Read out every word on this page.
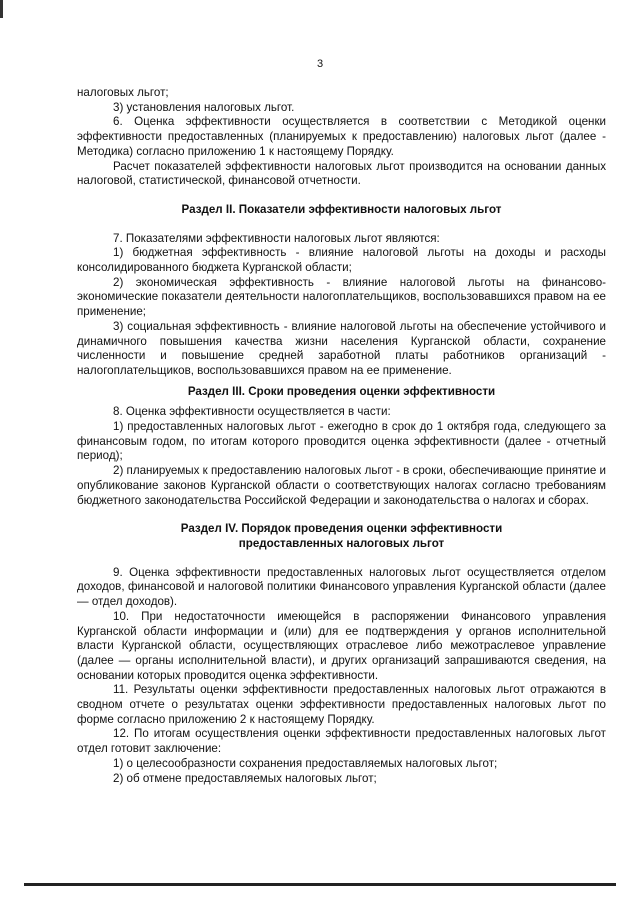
3

налоговых льгот;

3) установления налоговых льгот.

6. Оценка эффективности осуществляется в соответствии с Методикой оценки эффективности предоставленных (планируемых к предоставлению) налоговых льгот (далее - Методика) согласно приложению 1 к настоящему Порядку.

Расчет показателей эффективности налоговых льгот производится на основании данных налоговой, статистической, финансовой отчетности.

Раздел II. Показатели эффективности налоговых льгот

7. Показателями эффективности налоговых льгот являются:

1) бюджетная эффективность - влияние налоговой льготы на доходы и расходы консолидированного бюджета Курганской области;

2) экономическая эффективность - влияние налоговой льготы на финансово-экономические показатели деятельности налогоплательщиков, воспользовавшихся правом на ее применение;

3) социальная эффективность - влияние налоговой льготы на обеспечение устойчивого и динамичного повышения качества жизни населения Курганской области, сохранение численности и повышение средней заработной платы работников организаций - налогоплательщиков, воспользовавшихся правом на ее применение.

Раздел III. Сроки проведения оценки эффективности

8. Оценка эффективности осуществляется в части:

1) предоставленных налоговых льгот - ежегодно в срок до 1 октября года, следующего за финансовым годом, по итогам которого проводится оценка эффективности (далее - отчетный период);

2) планируемых к предоставлению налоговых льгот - в сроки, обеспечивающие принятие и опубликование законов Курганской области о соответствующих налогах согласно требованиям бюджетного законодательства Российской Федерации и законодательства о налогах и сборах.

Раздел IV. Порядок проведения оценки эффективности

предоставленных налоговых льгот

9. Оценка эффективности предоставленных налоговых льгот осуществляется отделом доходов, финансовой и налоговой политики Финансового управления Курганской области (далее — отдел доходов).

10. При недостаточности имеющейся в распоряжении Финансового управления Курганской области информации и (или) для ее подтверждения у органов исполнительной власти Курганской области, осуществляющих отраслевое либо межотраслевое управление (далее — органы исполнительной власти), и других организаций запрашиваются сведения, на основании которых проводится оценка эффективности.

11. Результаты оценки эффективности предоставленных налоговых льгот отражаются в сводном отчете о результатах оценки эффективности предоставленных налоговых льгот по форме согласно приложению 2 к настоящему Порядку.

12. По итогам осуществления оценки эффективности предоставленных налоговых льгот отдел готовит заключение:

1) о целесообразности сохранения предоставляемых налоговых льгот;

2) об отмене предоставляемых налоговых льгот;
